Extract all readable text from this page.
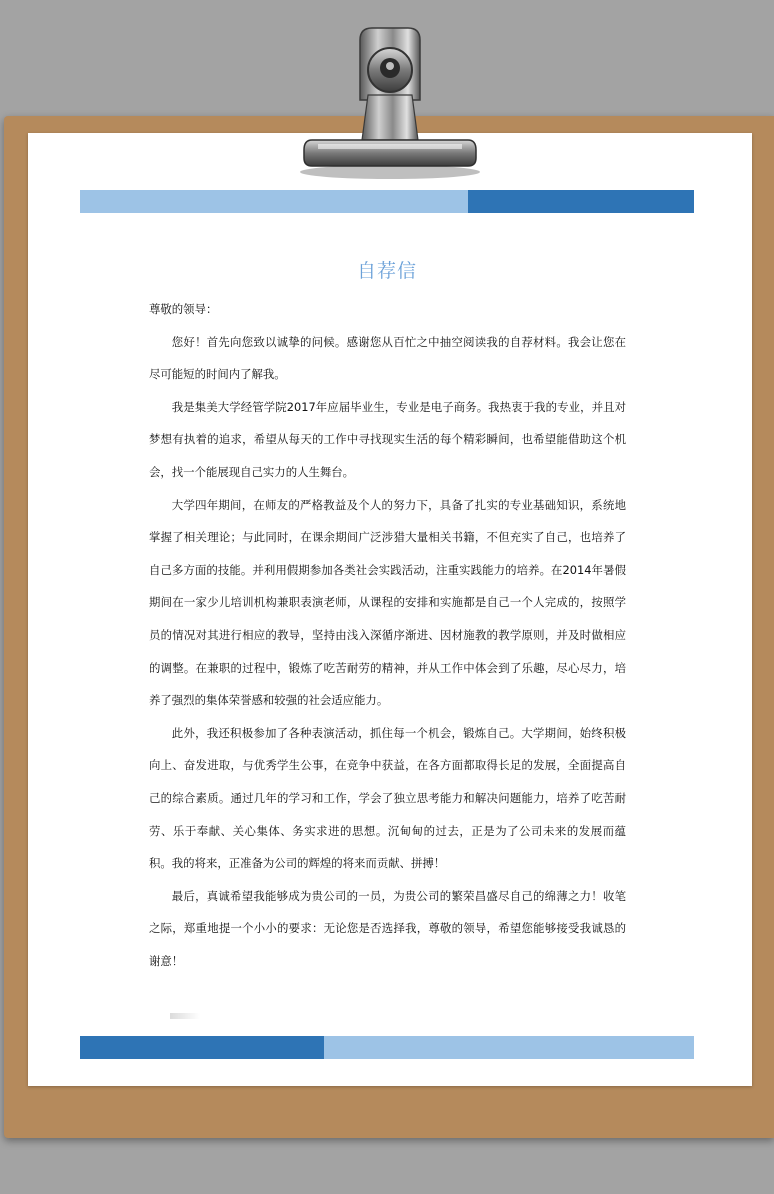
自荐信

尊敬的领导：

您好！首先向您致以诚挚的问候。感谢您从百忙之中抽空阅读我的自荐材料。我会让您在尽可能短的时间内了解我。

我是集美大学经管学院2017年应届毕业生，专业是电子商务。我热衷于我的专业，并且对梦想有执着的追求，希望从每天的工作中寻找现实生活的每个精彩瞬间，也希望能借助这个机会，找一个能展现自己实力的人生舞台。

大学四年期间，在师友的严格教益及个人的努力下，具备了扎实的专业基础知识，系统地掌握了相关理论；与此同时，在课余期间广泛涉猎大量相关书籍，不但充实了自己，也培养了自己多方面的技能。并利用假期参加各类社会实践活动，注重实践能力的培养。在2014年暑假期间在一家少儿培训机构兼职表演老师，从课程的安排和实施都是自己一个人完成的，按照学员的情况对其进行相应的教导，坚持由浅入深循序渐进、因材施教的教学原则，并及时做相应的调整。在兼职的过程中，锻炼了吃苦耐劳的精神，并从工作中体会到了乐趣，尽心尽力，培养了强烈的集体荣誉感和较强的社会适应能力。

此外，我还积极参加了各种表演活动，抓住每一个机会，锻炼自己。大学期间，始终积极向上、奋发进取，与优秀学生公事，在竞争中获益，在各方面都取得长足的发展，全面提高自己的综合素质。通过几年的学习和工作，学会了独立思考能力和解决问题能力，培养了吃苦耐劳、乐于奉献、关心集体、务实求进的思想。沉甸甸的过去，正是为了公司未来的发展而蕴积。我的将来，正准备为公司的辉煌的将来而贡献、拼搏！

最后，真诚希望我能够成为贵公司的一员，为贵公司的繁荣昌盛尽自己的绵薄之力！收笔之际，郑重地提一个小小的要求：无论您是否选择我，尊敬的领导，希望您能够接受我诚恳的谢意！
